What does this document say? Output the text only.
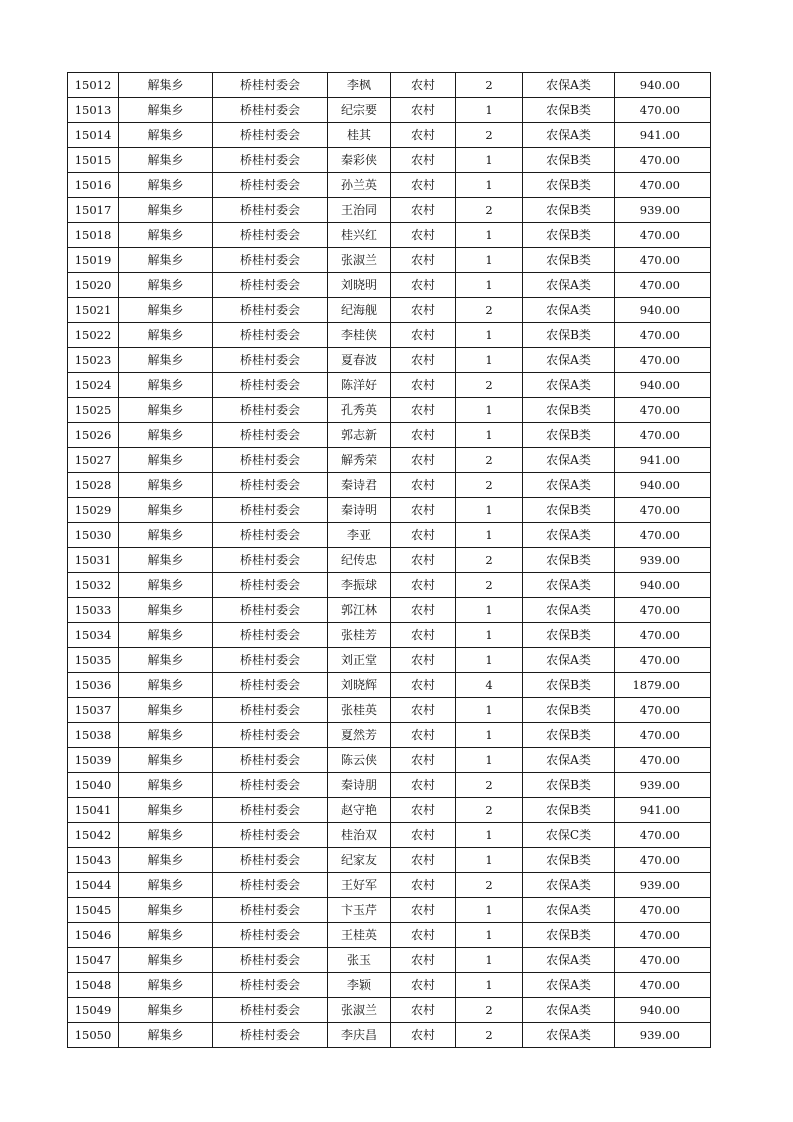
15012	解集乡	桥桂村委会	李枫	农村	2	农保A类	940.00
15013	解集乡	桥桂村委会	纪宗要	农村	1	农保B类	470.00
15014	解集乡	桥桂村委会	桂其	农村	2	农保A类	941.00
15015	解集乡	桥桂村委会	秦彩侠	农村	1	农保B类	470.00
15016	解集乡	桥桂村委会	孙兰英	农村	1	农保B类	470.00
15017	解集乡	桥桂村委会	王治同	农村	2	农保B类	939.00
15018	解集乡	桥桂村委会	桂兴红	农村	1	农保B类	470.00
15019	解集乡	桥桂村委会	张淑兰	农村	1	农保B类	470.00
15020	解集乡	桥桂村委会	刘晓明	农村	1	农保A类	470.00
15021	解集乡	桥桂村委会	纪海舰	农村	2	农保A类	940.00
15022	解集乡	桥桂村委会	李桂侠	农村	1	农保B类	470.00
15023	解集乡	桥桂村委会	夏春波	农村	1	农保A类	470.00
15024	解集乡	桥桂村委会	陈洋好	农村	2	农保A类	940.00
15025	解集乡	桥桂村委会	孔秀英	农村	1	农保B类	470.00
15026	解集乡	桥桂村委会	郭志新	农村	1	农保B类	470.00
15027	解集乡	桥桂村委会	解秀荣	农村	2	农保A类	941.00
15028	解集乡	桥桂村委会	秦诗君	农村	2	农保A类	940.00
15029	解集乡	桥桂村委会	秦诗明	农村	1	农保B类	470.00
15030	解集乡	桥桂村委会	李亚	农村	1	农保A类	470.00
15031	解集乡	桥桂村委会	纪传忠	农村	2	农保B类	939.00
15032	解集乡	桥桂村委会	李振球	农村	2	农保A类	940.00
15033	解集乡	桥桂村委会	郭江林	农村	1	农保A类	470.00
15034	解集乡	桥桂村委会	张桂芳	农村	1	农保B类	470.00
15035	解集乡	桥桂村委会	刘正堂	农村	1	农保A类	470.00
15036	解集乡	桥桂村委会	刘晓辉	农村	4	农保B类	1879.00
15037	解集乡	桥桂村委会	张桂英	农村	1	农保B类	470.00
15038	解集乡	桥桂村委会	夏然芳	农村	1	农保B类	470.00
15039	解集乡	桥桂村委会	陈云侠	农村	1	农保A类	470.00
15040	解集乡	桥桂村委会	秦诗朋	农村	2	农保B类	939.00
15041	解集乡	桥桂村委会	赵守艳	农村	2	农保B类	941.00
15042	解集乡	桥桂村委会	桂治双	农村	1	农保C类	470.00
15043	解集乡	桥桂村委会	纪家友	农村	1	农保B类	470.00
15044	解集乡	桥桂村委会	王好军	农村	2	农保A类	939.00
15045	解集乡	桥桂村委会	卞玉芹	农村	1	农保A类	470.00
15046	解集乡	桥桂村委会	王桂英	农村	1	农保B类	470.00
15047	解集乡	桥桂村委会	张玉	农村	1	农保A类	470.00
15048	解集乡	桥桂村委会	李颖	农村	1	农保A类	470.00
15049	解集乡	桥桂村委会	张淑兰	农村	2	农保A类	940.00
15050	解集乡	桥桂村委会	李庆昌	农村	2	农保A类	939.00
